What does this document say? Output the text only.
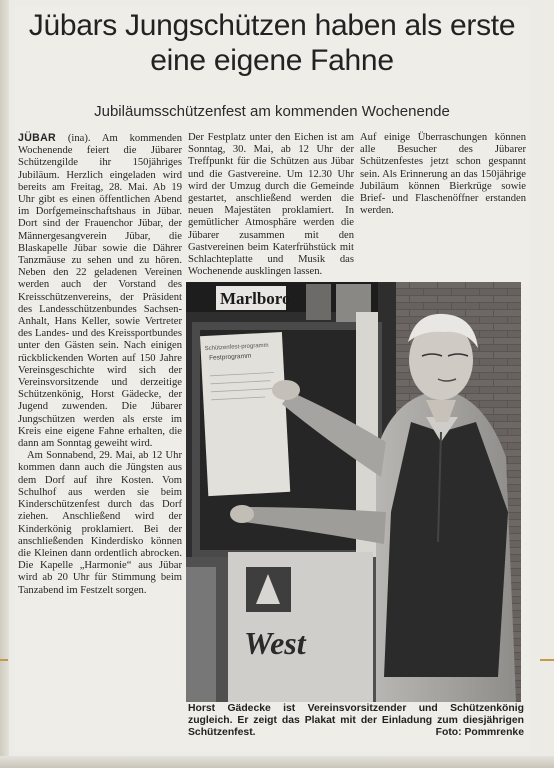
Jübars Jungschützen haben als erste eine eigene Fahne
Jubiläumsschützenfest am kommenden Wochenende

JÜBAR (ina). Am kommenden Wochenende feiert die Jübarer Schützengilde ihr 150jähriges Jubiläum. Herzlich eingeladen wird bereits am Freitag, 28. Mai. Ab 19 Uhr gibt es einen öffentlichen Abend im Dorfgemeinschaftshaus in Jübar. Dort sind der Frauenchor Jübar, der Männergesangverein Jübar, die Blaskapelle Jübar sowie die Dährer Tanzmäuse zu sehen und zu hören. Neben den 22 geladenen Vereinen werden auch der Vorstand des Kreisschützenvereins, der Präsident des Landesschützenbundes Sachsen-Anhalt, Hans Keller, sowie Vertreter des Landes- und des Kreissportbundes unter den Gästen sein. Nach einigen rückblickenden Worten auf 150 Jahre Vereinsgeschichte wird sich der Vereinsvorsitzende und derzeitige Schützenkönig, Horst Gädecke, der Jugend zuwenden. Die Jübarer Jungschützen werden als erste im Kreis eine eigene Fahne erhalten, die dann am Sonntag geweiht wird.

Am Sonnabend, 29. Mai, ab 12 Uhr kommen dann auch die Jüngsten aus dem Dorf auf ihre Kosten. Vom Schulhof aus werden sie beim Kinderschützenfest durch das Dorf ziehen. Anschließend wird der Kinderkönig proklamiert. Bei der anschließenden Kinderdisko können die Kleinen dann ordentlich abrocken. Die Kapelle „Harmonie“ aus Jübar wird ab 20 Uhr für Stimmung beim Tanzabend im Festzelt sorgen.

Der Festplatz unter den Eichen ist am Sonntag, 30. Mai, ab 12 Uhr der Treffpunkt für die Schützen aus Jübar und die Gastvereine. Um 12.30 Uhr wird der Umzug durch die Gemeinde gestartet, anschließend werden die neuen Majestäten proklamiert. In gemütlicher Atmosphäre werden die Jübarer zusammen mit den Gastvereinen beim Katerfrühstück mit Schlachteplatte und Musik das Wochenende ausklingen lassen.

Auf einige Überraschungen können alle Besucher des Jübarer Schützenfestes jetzt schon gespannt sein. Als Erinnerung an das 150jährige Jubiläum können Bierkrüge sowie Brief- und Flaschenöffner erstanden werden.

Marlboro
Schützenfest-programm
Festprogramm
West

Horst Gädecke ist Vereinsvorsitzender und Schützenkönig zugleich. Er zeigt das Plakat mit der Einladung zum diesjährigen Schützenfest.	Foto: Pommrenke
